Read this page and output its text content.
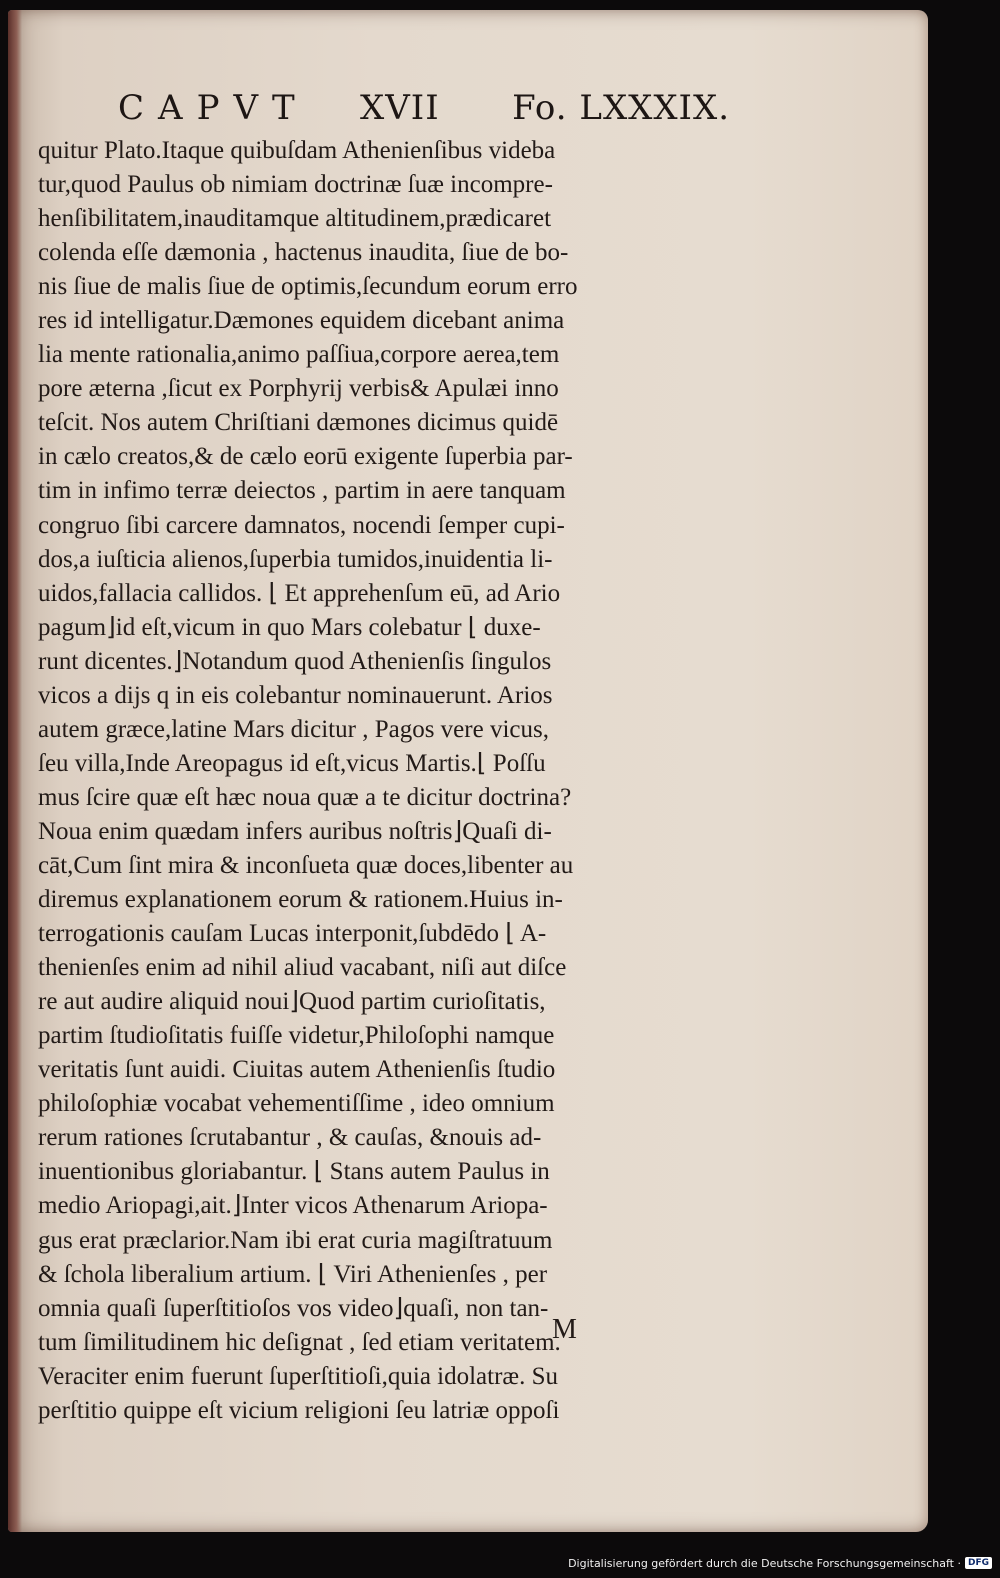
CAPVT XVII Fo. LXXXIX.
quitur Plato.Itaque quibuſdam Athenienſibus videba
tur,quod Paulus ob nimiam doctrinæ ſuæ incompre-
henſibilitatem,inauditamque altitudinem,prædicaret
colenda eſſe dæmonia , hactenus inaudita, ſiue de bo-
nis ſiue de malis ſiue de optimis,ſecundum eorum erro
res id intelligatur.Dæmones equidem dicebant anima
lia mente rationalia,animo paſſiua,corpore aerea,tem
pore æterna ,ſicut ex Porphyrij verbis& Apulæi inno
teſcit. Nos autem Chriſtiani dæmones dicimus quidē
in cælo creatos,& de cælo eorū exigente ſuperbia par-
tim in infimo terræ deiectos , partim in aere tanquam
congruo ſibi carcere damnatos, nocendi ſemper cupi-
dos,a iuſticia alienos,ſuperbia tumidos,inuidentia li-
uidos,fallacia callidos. ⌊ Et apprehenſum eū, ad Ario
pagum⌋id eſt,vicum in quo Mars colebatur ⌊ duxe-
runt dicentes.⌋Notandum quod Athenienſis ſingulos
vicos a dijs q in eis colebantur nominauerunt. Arios
autem græce,latine Mars dicitur , Pagos vere vicus,
ſeu villa,Inde Areopagus id eſt,vicus Martis.⌊ Poſſu
mus ſcire quæ eſt hæc noua quæ a te dicitur doctrina?
Noua enim quædam infers auribus noſtris⌋Quaſi di-
cāt,Cum ſint mira & inconſueta quæ doces,libenter au
diremus explanationem eorum & rationem.Huius in-
terrogationis cauſam Lucas interponit,ſubdēdo ⌊ A-
thenienſes enim ad nihil aliud vacabant, niſi aut diſce
re aut audire aliquid noui⌋Quod partim curioſitatis,
partim ſtudioſitatis fuiſſe videtur,Philoſophi namque
veritatis ſunt auidi. Ciuitas autem Athenienſis ſtudio
philoſophiæ vocabat vehementiſſime , ideo omnium
rerum rationes ſcrutabantur , & cauſas, &nouis ad-
inuentionibus gloriabantur. ⌊ Stans autem Paulus in
medio Ariopagi,ait.⌋Inter vicos Athenarum Ariopa-
gus erat præclarior.Nam ibi erat curia magiſtratuum
& ſchola liberalium artium. ⌊ Viri Athenienſes , per
omnia quaſi ſuperſtitioſos vos video⌋quaſi, non tan-
tum ſimilitudinem hic deſignat , ſed etiam veritatem.
Veraciter enim fuerunt ſuperſtitioſi,quia idolatræ. Su
perſtitio quippe eſt vicium religioni ſeu latriæ oppoſi
M
Digitalisierung gefördert durch die Deutsche Forschungsgemeinschaft · DFG
